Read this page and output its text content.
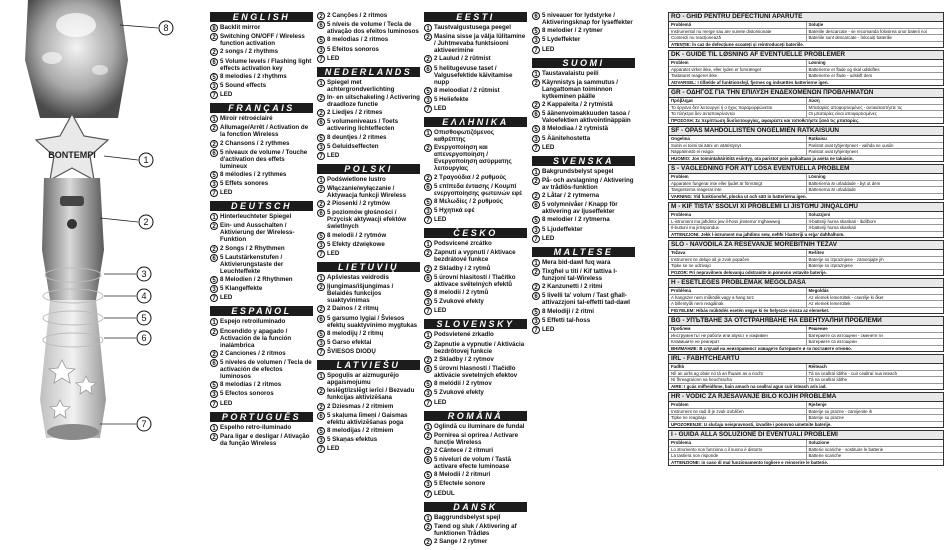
BONTEMPI
8
1
2
3
4
5
6
7
ENGLISH
8 Backlit mirror
2 Switching ON/OFF / Wireless function activation
2 2 songs / 2 rhythms
6 5 Volume levels / Flashing light effects activation key
5 8 melodies / 2 rhythms
3 5 Sound effects
7 LED
FRANÇAIS
1 Miroir rétroéclairé
2 Allumage/Arrêt / Activation de la fonction Wireless
2 2 Chansons / 2 rythmes
6 5 niveaux de volume / Touche d'activation des effets lumineux
5 8 mélodies / 2 rythmes
3 5 Effets sonores
7 LED
DEUTSCH
1 Hinterleuchteter Spiegel
2 Ein- und Ausschalten / Aktivierung der Wireless-Funktion
2 2 Songs / 2 Rhythmen
6 5 Lautstärkenstufen / Aktivierungstaste der Leuchteffekte
5 8 Melodien / 2 Rhythmen
3 5 Klangeffekte
7 LED
ESPAÑOL
1 Espejo retroiluminado
2 Encendido y apagado / Activación de la función inalámbrica
2 2 Canciones / 2 ritmos
6 5 niveles de volumen / Tecla de activación de efectos luminosos
5 8 melodías / 2 ritmos
3 5 Efectos sonoros
7 LED
PORTUGUÊS
1 Espelho retro-iluminado
2 Para ligar e desligar / Ativação da função Wireless
2 2 Canções / 2 ritmos
6 5 níveis de volume / Tecla de ativação dos efeitos luminosos
5 8 melodias / 2 ritmos
3 5 Efeitos sonoros
7 LED
NEDERLANDS
1 Spiegel met achtergrondverlichting
2 In- en uitschakeling / Activering draadloze functie
2 2 Liedjes / 2 ritmes
6 5 volumeniveaus / Toets activering lichteffecten
5 8 deuntjes / 2 ritmes
3 5 Geluidseffecten
7 LED
POLSKI
1 Podświetlone lustro
2 Włączanie/wyłączanie / Aktywacja funkcji Wireless
2 2 Piosenki / 2 rytmów
6 5 poziomów głośności / Przycisk aktywacji efektów świetlnych
5 8 melodii / 2 rytmów
3 5 Efekty dźwiękowe
7 LED
LIETUVIŲ
1 Apšviestas veidrodis
2 Įjungimas/išjungimas / Belaidės funkcijos suaktyvinimas
2 2 Dainos / 2 ritmų
6 5 garsumo lygiai / Šviesos efektų suaktyvinimo mygtukas
5 8 melodijų / 2 ritmų
3 5 Garso efektai
7 ŠVIESOS DIODŲ
LATVIEŠU
1 Spoguļis ar aizmugurējo apgaismojumu
2 Ieslēgt/izslēgt ierīci / Bezvadu funkcijas aktivizēšana
2 2 Dziesmas / 2 ritmiem
6 5 skaļuma līmeņi / Gaismas efektu aktivizēšanas poga
5 8 melodijas / 2 ritmiem
3 5 Skaņas efektus
7 LED
EESTI
1 Taustvalgustusega peegel
2 Masina sisse ja välja lülitamine / Juhtmevaba funktsiooni aktiveerimine
2 2 Laulud / 2 rütmist
6 5 helitugevuse taset / Valgusefektide käivitamise nupp
5 8 meloodiat / 2 rütmist
3 5 Heliefekte
7 LED
ΕΛΛΗΝΙΚΑ
1 Οπισθοφωτιζόμενος καθρέπτης
2 Ενεργοποίηση και απενεργοποίηση / Ενεργοποίηση ασύρματης λειτουργίας
2 2 Τραγούδια / 2 ρυθμούς
6 5 επίπεδα έντασης / Κουμπί ενεργοποίησης φωτεινών εφέ
5 8 Μελωδίες / 2 ρυθμούς
3 5 Ηχητικά εφέ
7 LED
ČESKO
1 Podsvícené zrcátko
2 Zapnutí a vypnutí / Aktivace bezdrátové funkce
2 2 Skladby / 2 rytmů
6 5 úrovní hlasitosti / Tlačítko aktivace světelných efektů
5 8 melodií / 2 rytmů
3 5 Zvukové efekty
7 LED
SLOVENSKY
1 Podsvietené zrkadlo
2 Zapnutie a vypnutie / Aktivácia bezdrôtovej funkcie
2 2 Skladby / 2 rytmov
6 5 úrovní hlasnosti / Tlačidlo aktivácie svetelných efektov
5 8 melódií / 2 rytmov
3 5 Zvukové efekty
7 LED
ROMÂNĂ
1 Oglindă cu iluminare de fundal
2 Pornirea si oprirea / Activare funcție Wireless
2 2 Cântece / 2 ritmuri
6 5 niveluri de volum / Tastă activare efecte luminoase
5 8 Melodii / 2 ritmuri
3 5 Efectele sonore
7 LEDUL
DANSK
1 Baggrundsbelyst spejl
2 Tænd og sluk / Aktivering af funktionen Trådløs
2 2 Sange / 2 rytmer
6 5 niveauer for lydstyrke / Aktiveringsknap for lyseffekter
5 8 melodier / 2 rytmer
3 5 Lydeffekter
7 LED
SUOMI
1 Taustavalaistu peili
2 Käynnistys ja sammutus / Langattoman toiminnon kytkeminen päälle
2 2 Kappaleita / 2 rytmistä
6 5 äänenvoimakkuuden tasoa / Valoefektien aktivointinäppäin
5 8 Melodiaa / 2 rytmistä
3 5 Äänitehostetta
7 LED
SVENSKA
1 Bakgrundsbelyst spegel
2 På- och avslagning / Aktivering av trådlös-funktion
2 2 Låtar / 2 rytmerna
6 5 volymnivåer / Knapp för aktivering av ljuseffekter
5 8 melodier / 2 rytmerna
3 5 Ljudeffekter
7 LED
MALTESE
1 Mera bid-dawl fuq wara
2 Tixgħel u titi / Kif tattiva l-funzjoni tal-Wireless
2 2 Kanzunetti / 2 ritmi
6 5 livelli ta' volum / Tast għall-attivazzjoni tal-effetti tad-dawl
5 8 Melodiji / 2 ritmi
3 5 Effetti tal-ħoss
7 LED
RO - GHID PENTRU DEFECTIUNI APARUTE
Problemă	Soluție
Instrumentul nu merge sau are sunete distorsionate	Bateriile descarcate - se recomanda folosirea unor baterii noi
Comenzi nu reacționează	Bateriile sunt descarcate - înlocuiți bateriile
ATENȚIE: în caz de defecțiune scoateți și reintroduceți bateriile.
DK - GUIDE TIL LØSNING AF EVENTUELLE PROBLEMER
Problem	Løsning
Apparatet virker ikke, eller lyden er forvrænget	Batterierne er flade og skal udskiftes
Tastaturet reagerer ikke	Batterierne er flade - udskift dem
ADVARSEL: I tilfælde af funktionsfejl, fjernes og indsættes batterierne igen.
GR - ΟΔΗΓΟΣ ΓΙΑ ΤΗΝ ΕΠΙΛΥΣΗ ΕΝΔΕΧΟΜΕΝΩΝ ΠΡΟΒΛΗΜΑΤΩΝ
Πρόβλημα	Λύση
Το όργανο δεν λειτουργεί ή ο ήχος παραμορφώνεται	Μπαταρίες αποφορτισμένες - αντικαταστήστε τις
Τα πλήκτρα δεν ανταποκρίνονται	Οι μπαταρίες είναι αποφορτισμένες
ΠΡΟΣΟΧΗ: Σε περίπτωση δυσλειτουργίας, αφαιρέστε και τοποθετήστε ξανά τις μπαταρίες.
SF - OPAS MAHDOLLISTEN ONGELMIEN RATKAISUUN
Ongelma	Ratkaisu
Soitin ei toimi tai ääni on vääristynyt	Paristot ovat tyhjentyneet - vaihda ne uusiin
Näppäimistö ei reagoi	Paristot ovat tyhjentyneet
HUOMIO: Jos toimintahäiriöitä esiintyy, ota paristot pois paikaltaan ja aseta ne takaisin.
S - VÄGLEDNING FÖR ATT LÖSA EVENTUELLA PROBLEM
Problem	Lösning
Apparaten fungerar inte eller ljudet är förvrängt	Batterierna är urladdade - byt ut dem
Tangenterna reagerar inte	Batterierna är urladdade
VARNING: Vid funktionsfel, plocka ut och sätt in batterierna igen.
M - KIF TISTA' SSOLVI XI PROBLEMI LI JISTGĦU JINQALGĦU
Problema	Soluzzjoni
L-istrument ma jaħdimx jew il-ħoss jinstema' mgħawweġ	Il-batteriji huma skarikati - ibdilhom
Il-buttuni ma jirrispondux	Il-batteriji huma skarikati
ATTENZJONI: Jekk l-istrument ma jaħdimx sew, neħħi l-batteriji u erġa' daħħalhom.
SLO - NAVODILA ZA REŠEVANJE MOREBITNIH TEŽAV
Težava	Rešitev
Instrument ne deluje ali je zvok popačen	Baterije so izpraznjene - zamenjajte jih
Tipke se ne odzivajo	Baterije so izpraznjene
POZOR: Pri nepravilnem delovanju odstranite in ponovno vstavite baterije.
H - ESETLEGES PROBLÉMÁK MEGOLDÁSA
Probléma	Megoldás
A hangszer nem működik vagy a hang torz	Az elemek lemerültek - cserélje ki őket
A billentyűk nem reagálnak	Az elemek lemerültek
FIGYELEM: Hibás működés esetén vegye ki és helyezze vissza az elemeket.
BG - УПЪТВАНЕ ЗА ОТСТРАНЯВАНЕ НА ЕВЕНТУАЛНИ ПРОБЛЕМИ
Проблем	Решение
Инструментът не работи или звукът е изкривен	Батериите са изтощени - сменете ги
Клавишите не реагират	Батериите са изтощени
ВНИМАНИЕ: В случай на неизправност извадете батериите и ги поставете отново.
IRL - FABHTCHEARTÚ
Fadhb	Réiteach
Níl an uirlis ag obair nó tá an fhuaim as a riocht	Tá na ceallraí ídithe - cuir ceallraí nua isteach
Ní fhreagraíonn na heochracha	Tá na ceallraí ídithe
AIRE: I gcás mífheidhme, bain amach na ceallraí agus cuir isteach arís iad.
HR - VODIČ ZA RJEŠAVANJE BILO KOJIH PROBLEMA
Problem	Rješenje
Instrument ne radi ili je zvuk izobličen	Baterije su prazne - zamijenite ih
Tipke ne reagiraju	Baterije su prazne
UPOZORENJE: U slučaju neispravnosti, izvadite i ponovno umetnite baterije.
I - GUIDA ALLA SOLUZIONE DI EVENTUALI PROBLEMI
Problema	Soluzione
Lo strumento non funziona o il suono è distorto	Batterie scariche - sostituire le batterie
La tastiera non risponde	Batterie scariche
ATTENZIONE: in caso di mal funzionamento togliere e reinserire le batterie.
